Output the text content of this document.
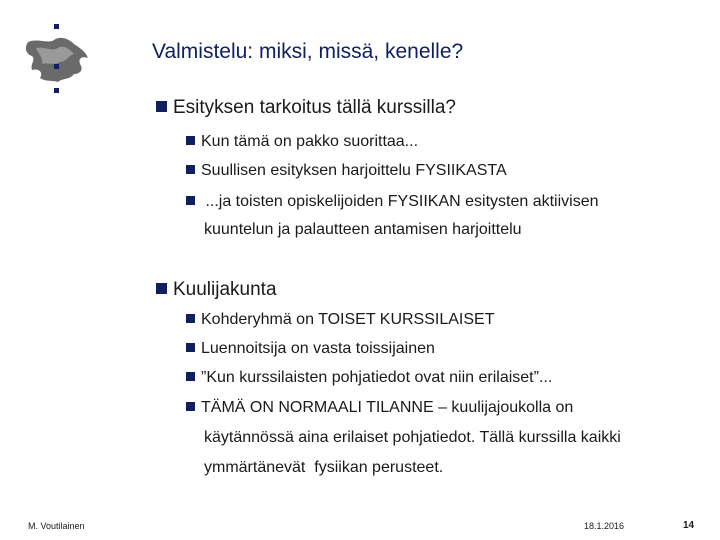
Valmistelu: miksi, missä, kenelle?
Esityksen tarkoitus tällä kurssilla?
Kun tämä on pakko suorittaa...
Suullisen esityksen harjoittelu FYSIIKASTA
...ja toisten opiskelijoiden FYSIIKAN esitysten aktiivisen
kuuntelun ja palautteen antamisen harjoittelu
Kuulijakunta
Kohderyhmä on TOISET KURSSILAISET
Luennoitsija on vasta toissijainen
”Kun kurssilaisten pohjatiedot ovat niin erilaiset”...
TÄMÄ ON NORMAALI TILANNE – kuulijajoukolla on
käytännössä aina erilaiset pohjatiedot. Tällä kurssilla kaikki
ymmärtänevät  fysiikan perusteet.
M. Voutilainen	18.1.2016	14
